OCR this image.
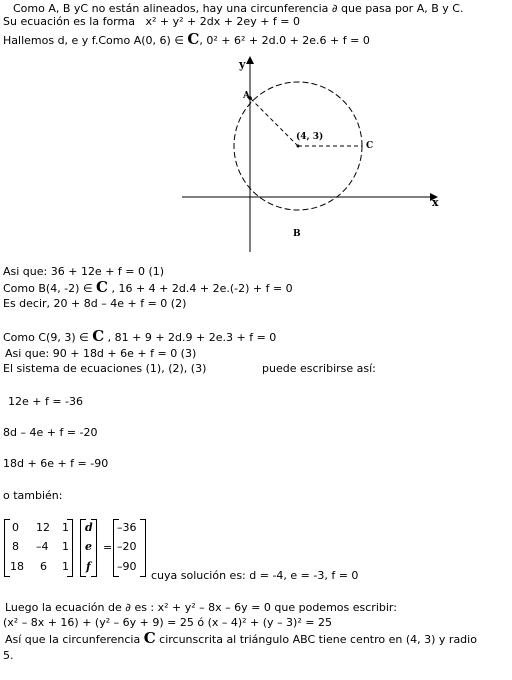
Como A, B yC no están alineados, hay una circunferencia ∂ que pasa por A, B y C.
Su ecuación es la forma x² + y² + 2dx + 2ey + f = 0
Hallemos d, e y f.Como A(0, 6) ∈ C, 0² + 6² + 2d.0 + 2e.6 + f = 0
y
x
A
B
C
(4, 3)
Asi que: 36 + 12e + f = 0 (1)
Como B(4, -2) ∈ C , 16 + 4 + 2d.4 + 2e.(-2) + f = 0
Es decir, 20 + 8d – 4e + f = 0 (2)
Como C(9, 3) ∈ C , 81 + 9 + 2d.9 + 2e.3 + f = 0
Asi que: 90 + 18d + 6e + f = 0 (3)
El sistema de ecuaciones (1), (2), (3)	puede escribirse así:
12e + f = -36
8d – 4e + f = -20
18d + 6e + f = -90
o también:
0 12 1
8 –4 1
18 6 1
d
e
f
=
–36
–20
–90
cuya solución es: d = -4, e = -3, f = 0
Luego la ecuación de ∂ es : x² + y² – 8x – 6y = 0 que podemos escribir:
(x² – 8x + 16) + (y² – 6y + 9) = 25 ó (x – 4)² + (y – 3)² = 25
Así que la circunferencia C circunscrita al triángulo ABC tiene centro en (4, 3) y radio
5.
